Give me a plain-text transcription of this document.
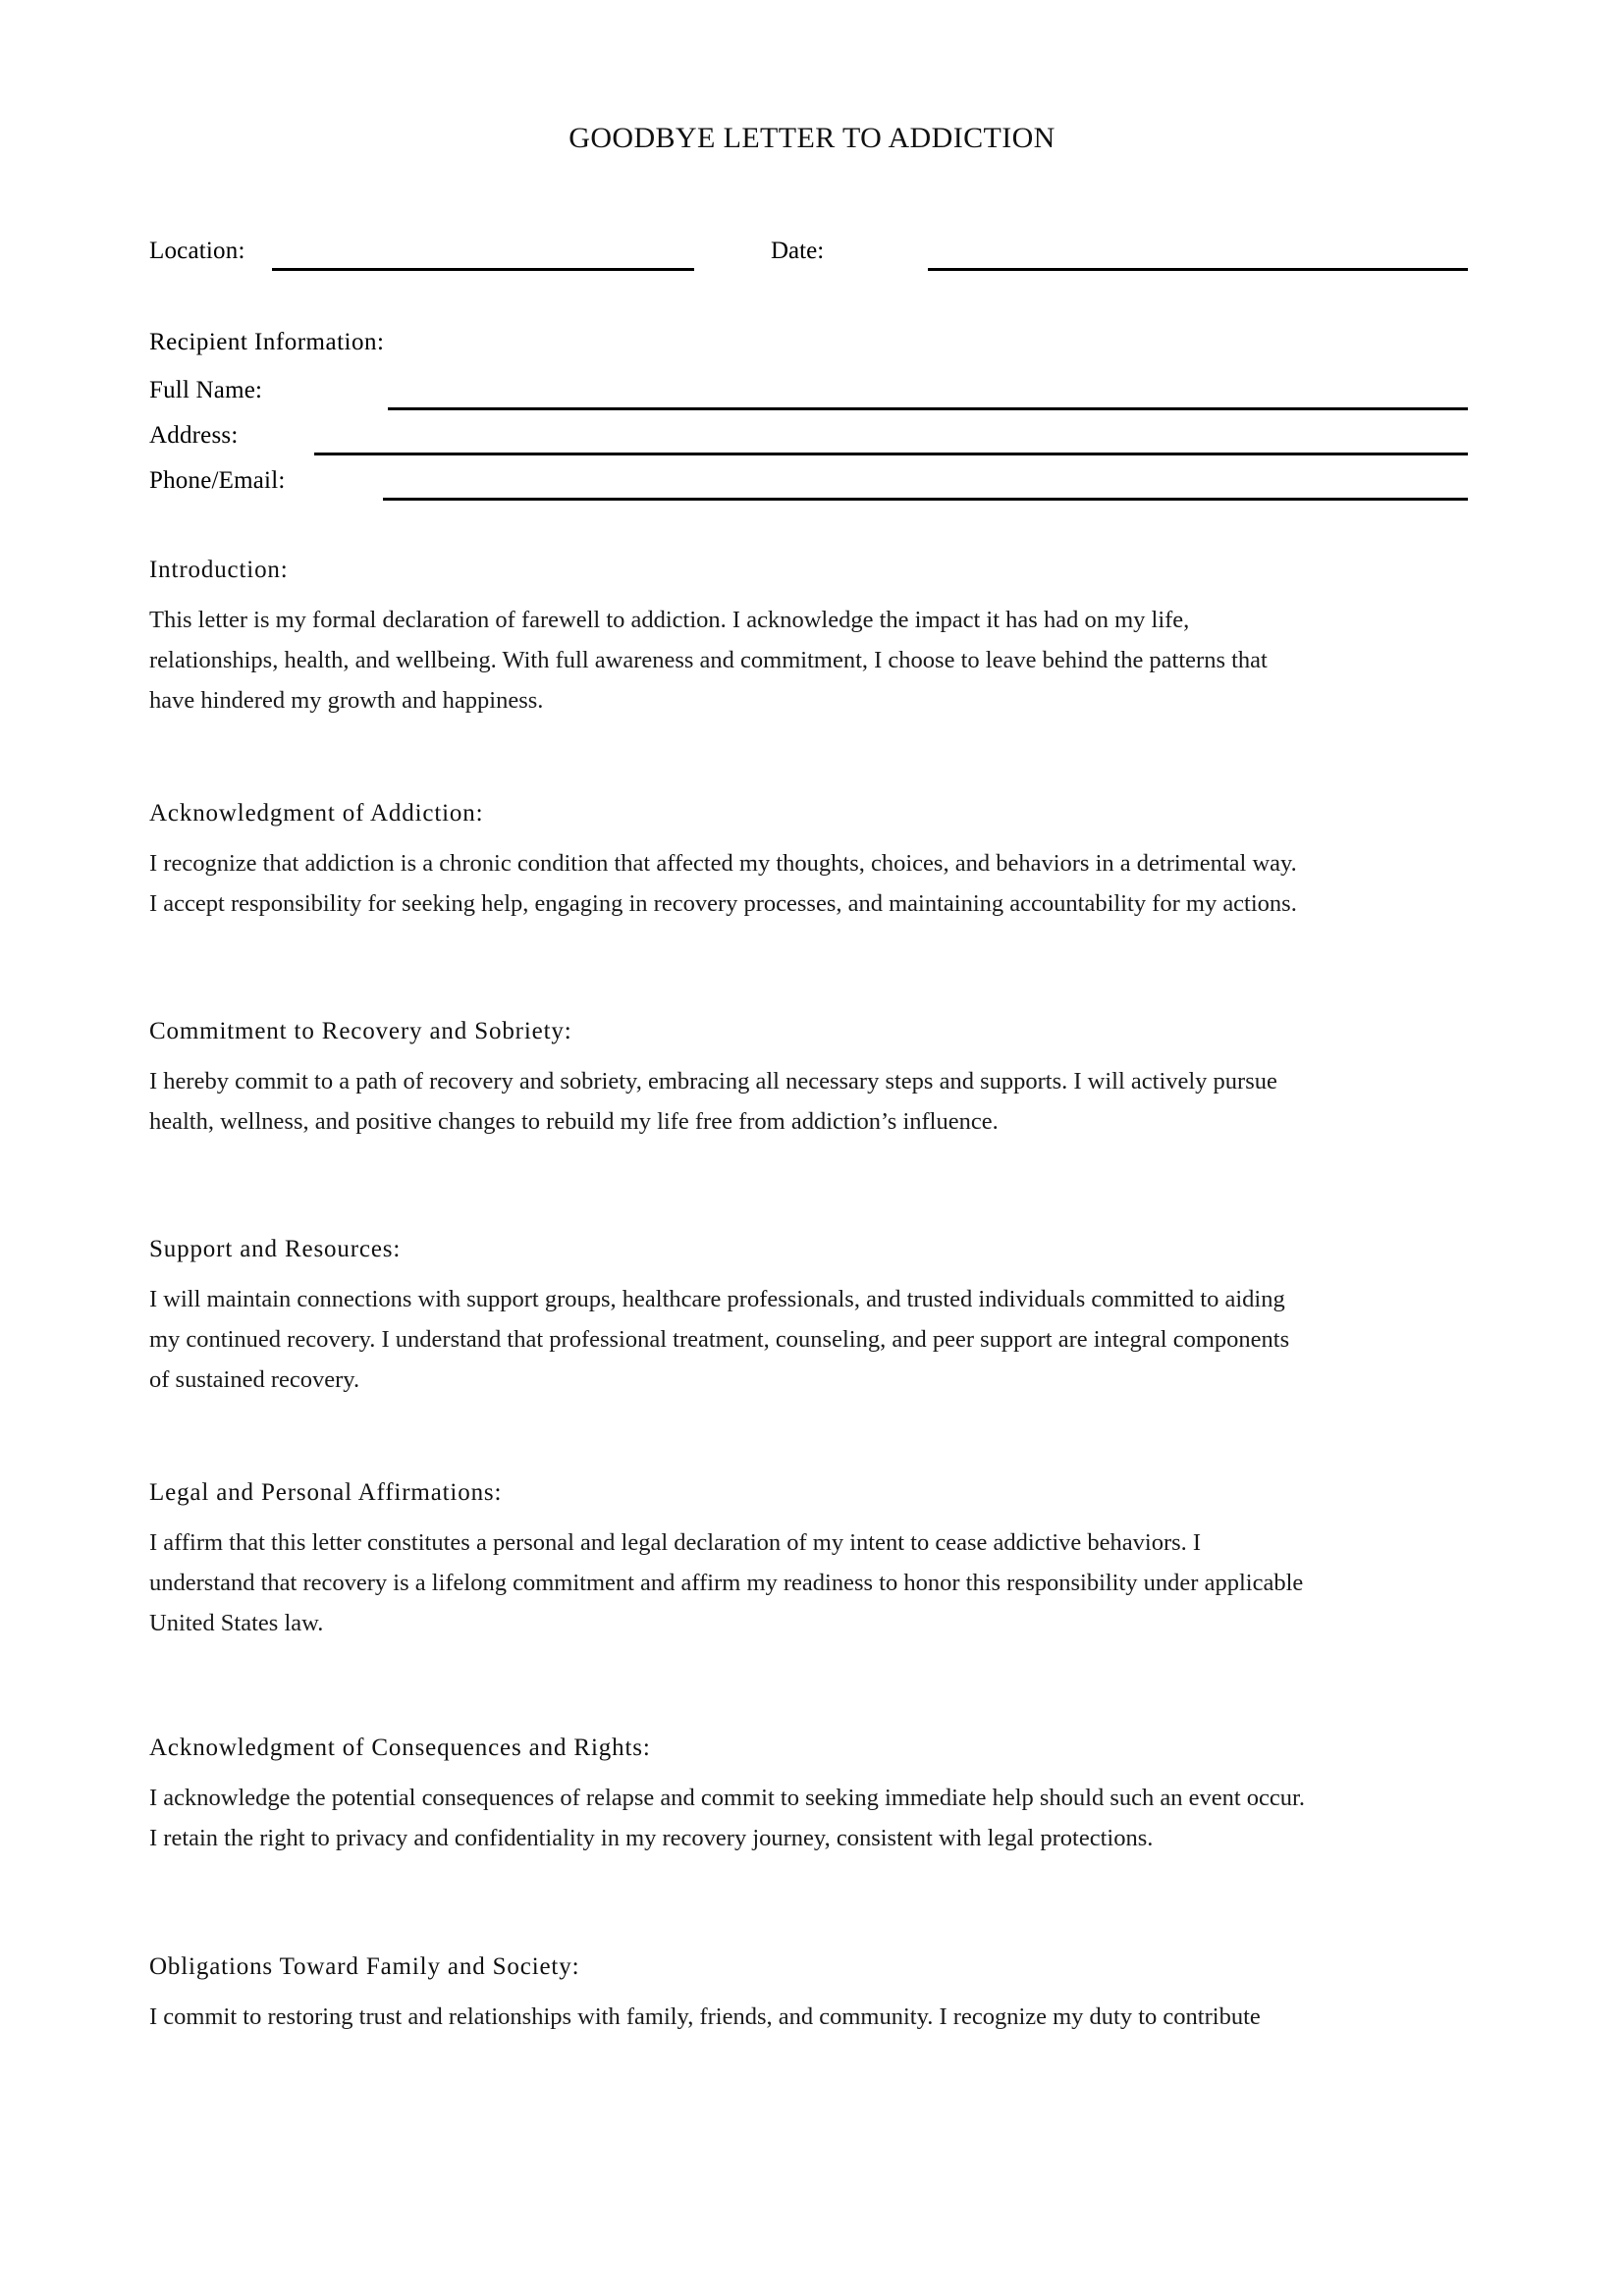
GOODBYE LETTER TO ADDICTION
Location:	Date:
Recipient Information:
Full Name:
Address:
Phone/Email:
Introduction:

This letter is my formal declaration of farewell to addiction. I acknowledge the impact it has had on my life,
relationships, health, and wellbeing. With full awareness and commitment, I choose to leave behind the patterns that
have hindered my growth and happiness.

Acknowledgment of Addiction:

I recognize that addiction is a chronic condition that affected my thoughts, choices, and behaviors in a detrimental way.
I accept responsibility for seeking help, engaging in recovery processes, and maintaining accountability for my actions.

Commitment to Recovery and Sobriety:

I hereby commit to a path of recovery and sobriety, embracing all necessary steps and supports. I will actively pursue
health, wellness, and positive changes to rebuild my life free from addiction’s influence.

Support and Resources:

I will maintain connections with support groups, healthcare professionals, and trusted individuals committed to aiding
my continued recovery. I understand that professional treatment, counseling, and peer support are integral components
of sustained recovery.

Legal and Personal Affirmations:

I affirm that this letter constitutes a personal and legal declaration of my intent to cease addictive behaviors. I
understand that recovery is a lifelong commitment and affirm my readiness to honor this responsibility under applicable
United States law.

Acknowledgment of Consequences and Rights:

I acknowledge the potential consequences of relapse and commit to seeking immediate help should such an event occur.
I retain the right to privacy and confidentiality in my recovery journey, consistent with legal protections.

Obligations Toward Family and Society:

I commit to restoring trust and relationships with family, friends, and community. I recognize my duty to contribute
